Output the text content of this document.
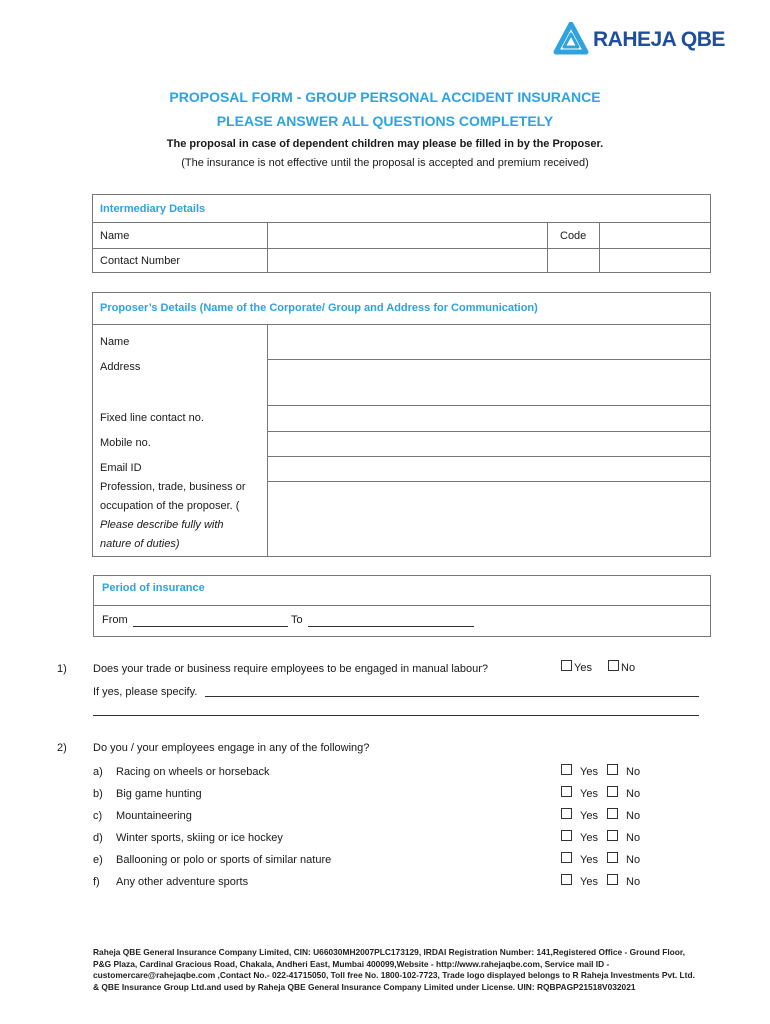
RAHEJA QBE
PROPOSAL FORM - GROUP PERSONAL ACCIDENT INSURANCE
PLEASE ANSWER ALL QUESTIONS COMPLETELY
The proposal in case of dependent children may please be filled in by the Proposer.
(The insurance is not effective until the proposal is accepted and premium received)
Intermediary Details
Name	Code
Contact Number
Proposer’s Details (Name of the Corporate/ Group and Address for Communication)
Name
Address
Fixed line contact no.
Mobile no.
Email ID
Profession, trade, business or
occupation of the proposer. (
Please describe fully with
nature of duties)
Period of insurance
From	To
1) Does your trade or business require employees to be engaged in manual labour?	Yes	No
If yes, please specify.
2) Do you / your employees engage in any of the following?
a) Racing on wheels or horseback	Yes	No
b) Big game hunting	Yes	No
c) Mountaineering	Yes	No
d) Winter sports, skiing or ice hockey	Yes	No
e) Ballooning or polo or sports of similar nature	Yes	No
f) Any other adventure sports	Yes	No
Raheja QBE General Insurance Company Limited, CIN: U66030MH2007PLC173129, IRDAI Registration Number: 141,Registered Office - Ground Floor, P&G Plaza, Cardinal Gracious Road, Chakala, Andheri East, Mumbai 400099,Website - http://www.rahejaqbe.com, Service mail ID - customercare@rahejaqbe.com ,Contact No.- 022-41715050, Toll free No. 1800-102-7723, Trade logo displayed belongs to R Raheja Investments Pvt. Ltd. & QBE Insurance Group Ltd.and used by Raheja QBE General Insurance Company Limited under License. UIN: RQBPAGP21518V032021
